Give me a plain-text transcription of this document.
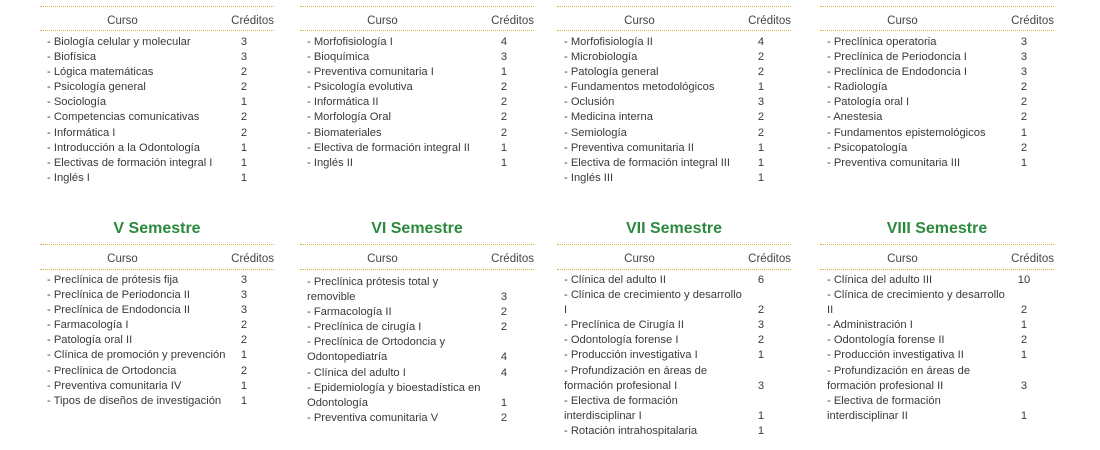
Curso	Créditos
- Biología celular y molecular	3
- Biofísica	3
- Lógica matemáticas	2
- Psicología general	2
- Sociología	1
- Competencias comunicativas	2
- Informática I	2
- Introducción a la Odontología	1
- Electivas de formación integral I	1
- Inglés I	1
Curso	Créditos
- Morfofisiología I	4
- Bioquímica	3
- Preventiva comunitaria I	1
- Psicología evolutiva	2
- Informática II	2
- Morfología Oral	2
- Biomateriales	2
- Electiva de formación integral II	1
- Inglés II	1
Curso	Créditos
- Morfofisiología II	4
- Microbiología	2
- Patología general	2
- Fundamentos metodológicos	1
- Oclusión	3
- Medicina interna	2
- Semiología	2
- Preventiva comunitaria II	1
- Electiva de formación integral III	1
- Inglés III	1
Curso	Créditos
- Preclínica operatoria	3
- Preclínica de Periodoncia I	3
- Preclínica de Endodoncia I	3
- Radiología	2
- Patología oral I	2
- Anestesia	2
- Fundamentos epistemológicos	1
- Psicopatología	2
- Preventiva comunitaria III	1
V Semestre
Curso	Créditos
- Preclínica de prótesis fija	3
- Preclínica de Periodoncia II	3
- Preclínica de Endodoncia II	3
- Farmacología I	2
- Patología oral II	2
- Clínica de promoción y prevención	1
- Preclínica de Ortodoncia	2
- Preventiva comunitaria IV	1
- Tipos de diseños de investigación	1
VI Semestre
Curso	Créditos
- Preclínica prótesis total y removible	3
- Farmacología II	2
- Preclínica de cirugía I	2
- Preclínica de Ortodoncia y Odontopediatría	4
- Clínica del adulto I	4
- Epidemiología y bioestadística en Odontología	1
- Preventiva comunitaria V	2
VII Semestre
Curso	Créditos
- Clínica del adulto II	6
- Clínica de crecimiento y desarrollo I	2
- Preclínica de Cirugía II	3
- Odontología forense I	2
- Producción investigativa I	1
- Profundización en áreas de formación profesional I	3
- Electiva de formación interdisciplinar I	1
- Rotación intrahospitalaria	1
VIII Semestre
Curso	Créditos
- Clínica del adulto III	10
- Clínica de crecimiento y desarrollo II	2
- Administración I	1
- Odontología forense II	2
- Producción investigativa II	1
- Profundización en áreas de formación profesional II	3
- Electiva de formación interdisciplinar II	1
